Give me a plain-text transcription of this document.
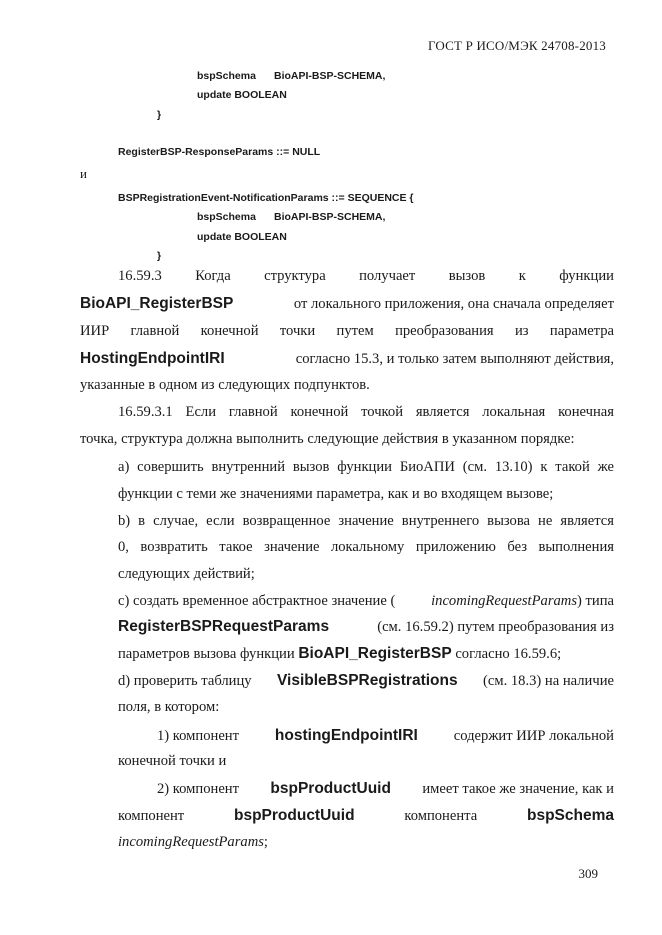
ГОСТ Р ИСО/МЭК 24708-2013
bspSchema BioAPI-BSP-SCHEMA,
update BOOLEAN
}
RegisterBSP-ResponseParams ::= NULL
и
BSPRegistrationEvent-NotificationParams ::= SEQUENCE {
bspSchema BioAPI-BSP-SCHEMA,
update BOOLEAN
}
16.59.3 Когда структура получает вызов к функции
BioAPI_RegisterBSP	от локального приложения, она сначала определяет
ИИР главной конечной точки путем преобразования из параметра
HostingEndpointIRI	согласно 15.3, и только затем выполняют действия,
указанные в одном из следующих подпунктов.
16.59.3.1 Если главной конечной точкой является локальная конечная
точка, структура должна выполнить следующие действия в указанном порядке:
а) совершить внутренний вызов функции БиоАПИ (см. 13.10) к такой же
функции с теми же значениями параметра, как и во входящем вызове;
b) в случае, если возвращенное значение внутреннего вызова не является
0, возвратить такое значение локальному приложению без выполнения
следующих действий;
c) создать временное абстрактное значение ( incomingRequestParams) типа
RegisterBSPRequestParams	(см. 16.59.2) путем преобразования из
параметров вызова функции BioAPI_RegisterBSP согласно 16.59.6;
d) проверить таблицу VisibleBSPRegistrations (см. 18.3) на наличие
поля, в котором:
1) компонент hostingEndpointIRI содержит ИИР локальной
конечной точки и
2) компонент bspProductUuid имеет такое же значение, как и
компонент	bspProductUuid	компонента	bspSchema
incomingRequestParams;
309
